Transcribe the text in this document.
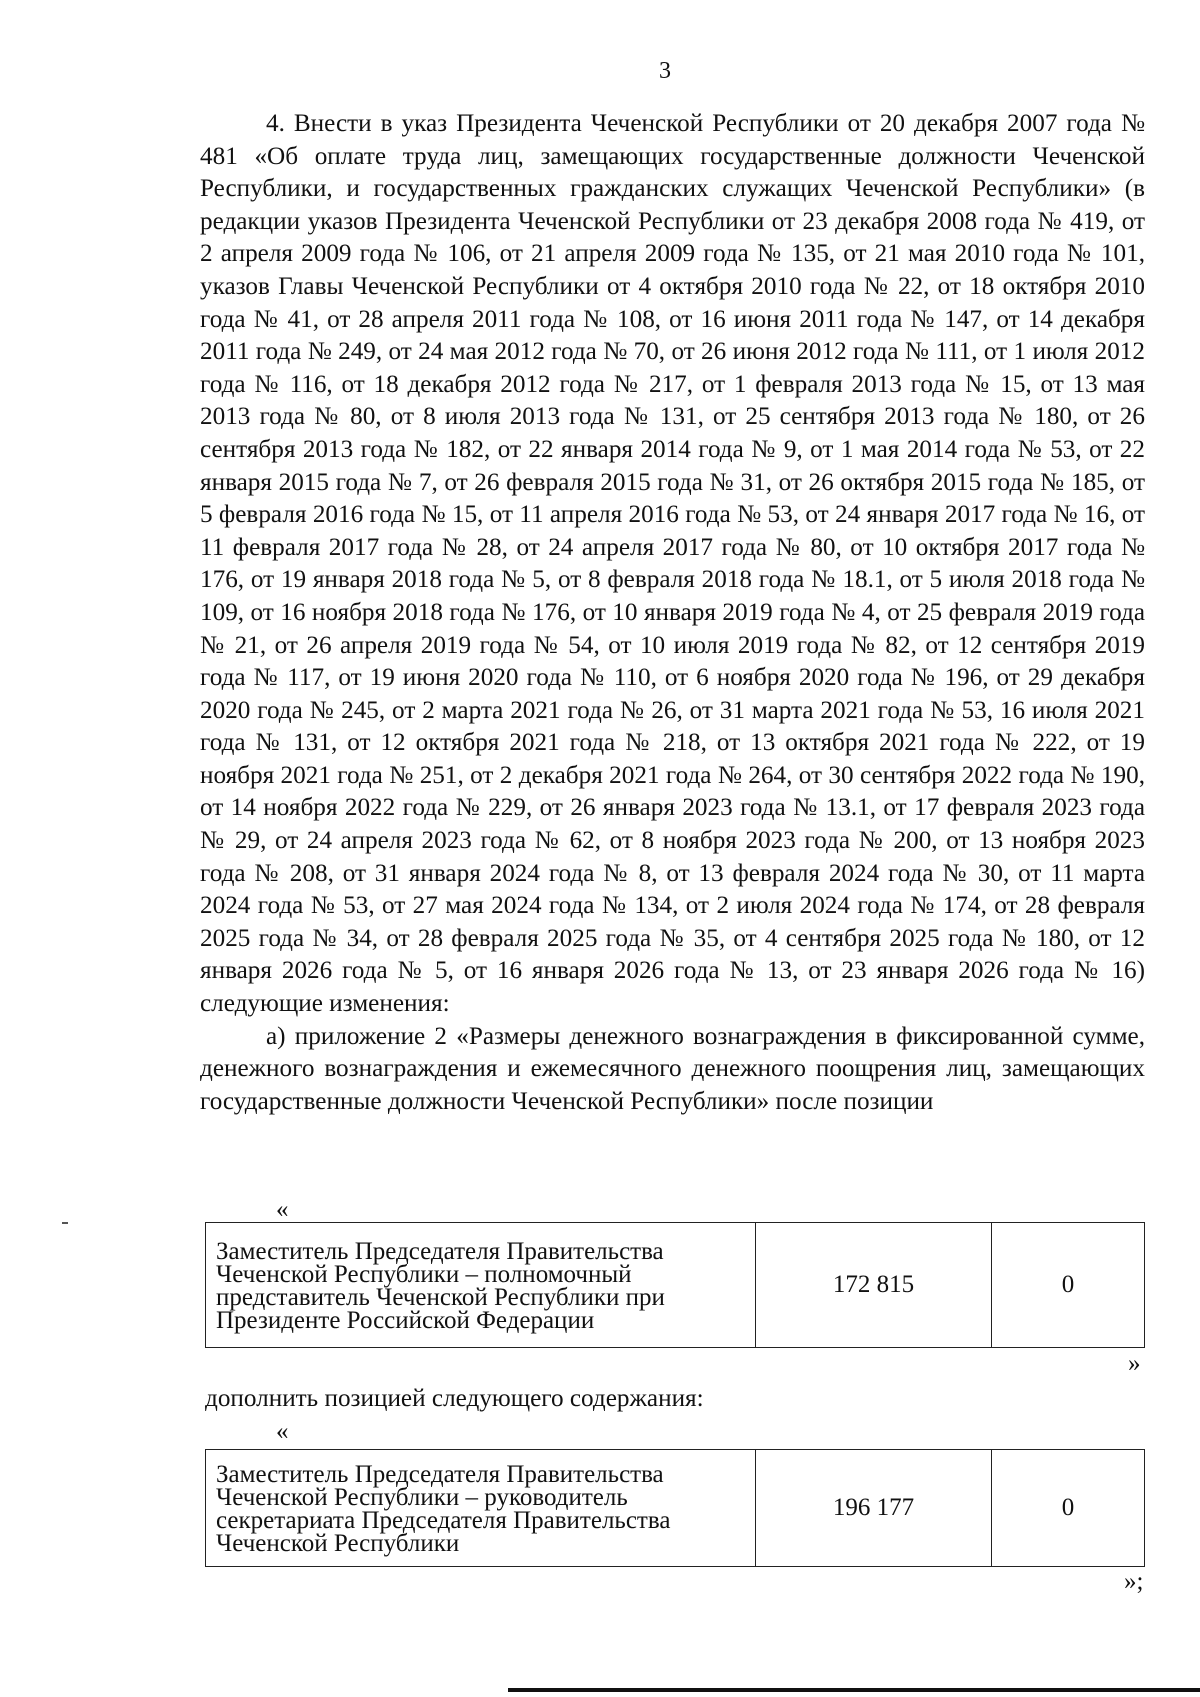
3

4. Внести в указ Президента Чеченской Республики от 20 декабря 2007 года № 481 «Об оплате труда лиц, замещающих государственные должности Чеченской Республики, и государственных гражданских служащих Чеченской Республики» (в редакции указов Президента Чеченской Республики от 23 декабря 2008 года № 419, от 2 апреля 2009 года № 106, от 21 апреля 2009 года № 135, от 21 мая 2010 года № 101, указов Главы Чеченской Республики от 4 октября 2010 года № 22, от 18 октября 2010 года № 41, от 28 апреля 2011 года № 108, от 16 июня 2011 года № 147, от 14 декабря 2011 года № 249, от 24 мая 2012 года № 70, от 26 июня 2012 года № 111, от 1 июля 2012 года № 116, от 18 декабря 2012 года № 217, от 1 февраля 2013 года № 15, от 13 мая 2013 года № 80, от 8 июля 2013 года № 131, от 25 сентября 2013 года № 180, от 26 сентября 2013 года № 182, от 22 января 2014 года № 9, от 1 мая 2014 года № 53, от 22 января 2015 года № 7, от 26 февраля 2015 года № 31, от 26 октября 2015 года № 185, от 5 февраля 2016 года № 15, от 11 апреля 2016 года № 53, от 24 января 2017 года № 16, от 11 февраля 2017 года № 28, от 24 апреля 2017 года № 80, от 10 октября 2017 года № 176, от 19 января 2018 года № 5, от 8 февраля 2018 года № 18.1, от 5 июля 2018 года № 109, от 16 ноября 2018 года № 176, от 10 января 2019 года № 4, от 25 февраля 2019 года № 21, от 26 апреля 2019 года № 54, от 10 июля 2019 года № 82, от 12 сентября 2019 года № 117, от 19 июня 2020 года № 110, от 6 ноября 2020 года № 196, от 29 декабря 2020 года № 245, от 2 марта 2021 года № 26, от 31 марта 2021 года № 53, 16 июля 2021 года № 131, от 12 октября 2021 года № 218, от 13 октября 2021 года № 222, от 19 ноября 2021 года № 251, от 2 декабря 2021 года № 264, от 30 сентября 2022 года № 190, от 14 ноября 2022 года № 229, от 26 января 2023 года № 13.1, от 17 февраля 2023 года № 29, от 24 апреля 2023 года № 62, от 8 ноября 2023 года № 200, от 13 ноября 2023 года № 208, от 31 января 2024 года № 8, от 13 февраля 2024 года № 30, от 11 марта 2024 года № 53, от 27 мая 2024 года № 134, от 2 июля 2024 года № 174, от 28 февраля 2025 года № 34, от 28 февраля 2025 года № 35, от 4 сентября 2025 года № 180, от 12 января 2026 года № 5, от 16 января 2026 года № 13, от 23 января 2026 года № 16) следующие изменения:

а) приложение 2 «Размеры денежного вознаграждения в фиксированной сумме, денежного вознаграждения и ежемесячного денежного поощрения лиц, замещающих государственные должности Чеченской Республики» после позиции

«
Заместитель Председателя Правительства Чеченской Республики – полномочный представитель Чеченской Республики при Президенте Российской Федерации	172 815	0
»
дополнить позицией следующего содержания:
«
Заместитель Председателя Правительства Чеченской Республики – руководитель секретариата Председателя Правительства Чеченской Республики	196 177	0
»;
